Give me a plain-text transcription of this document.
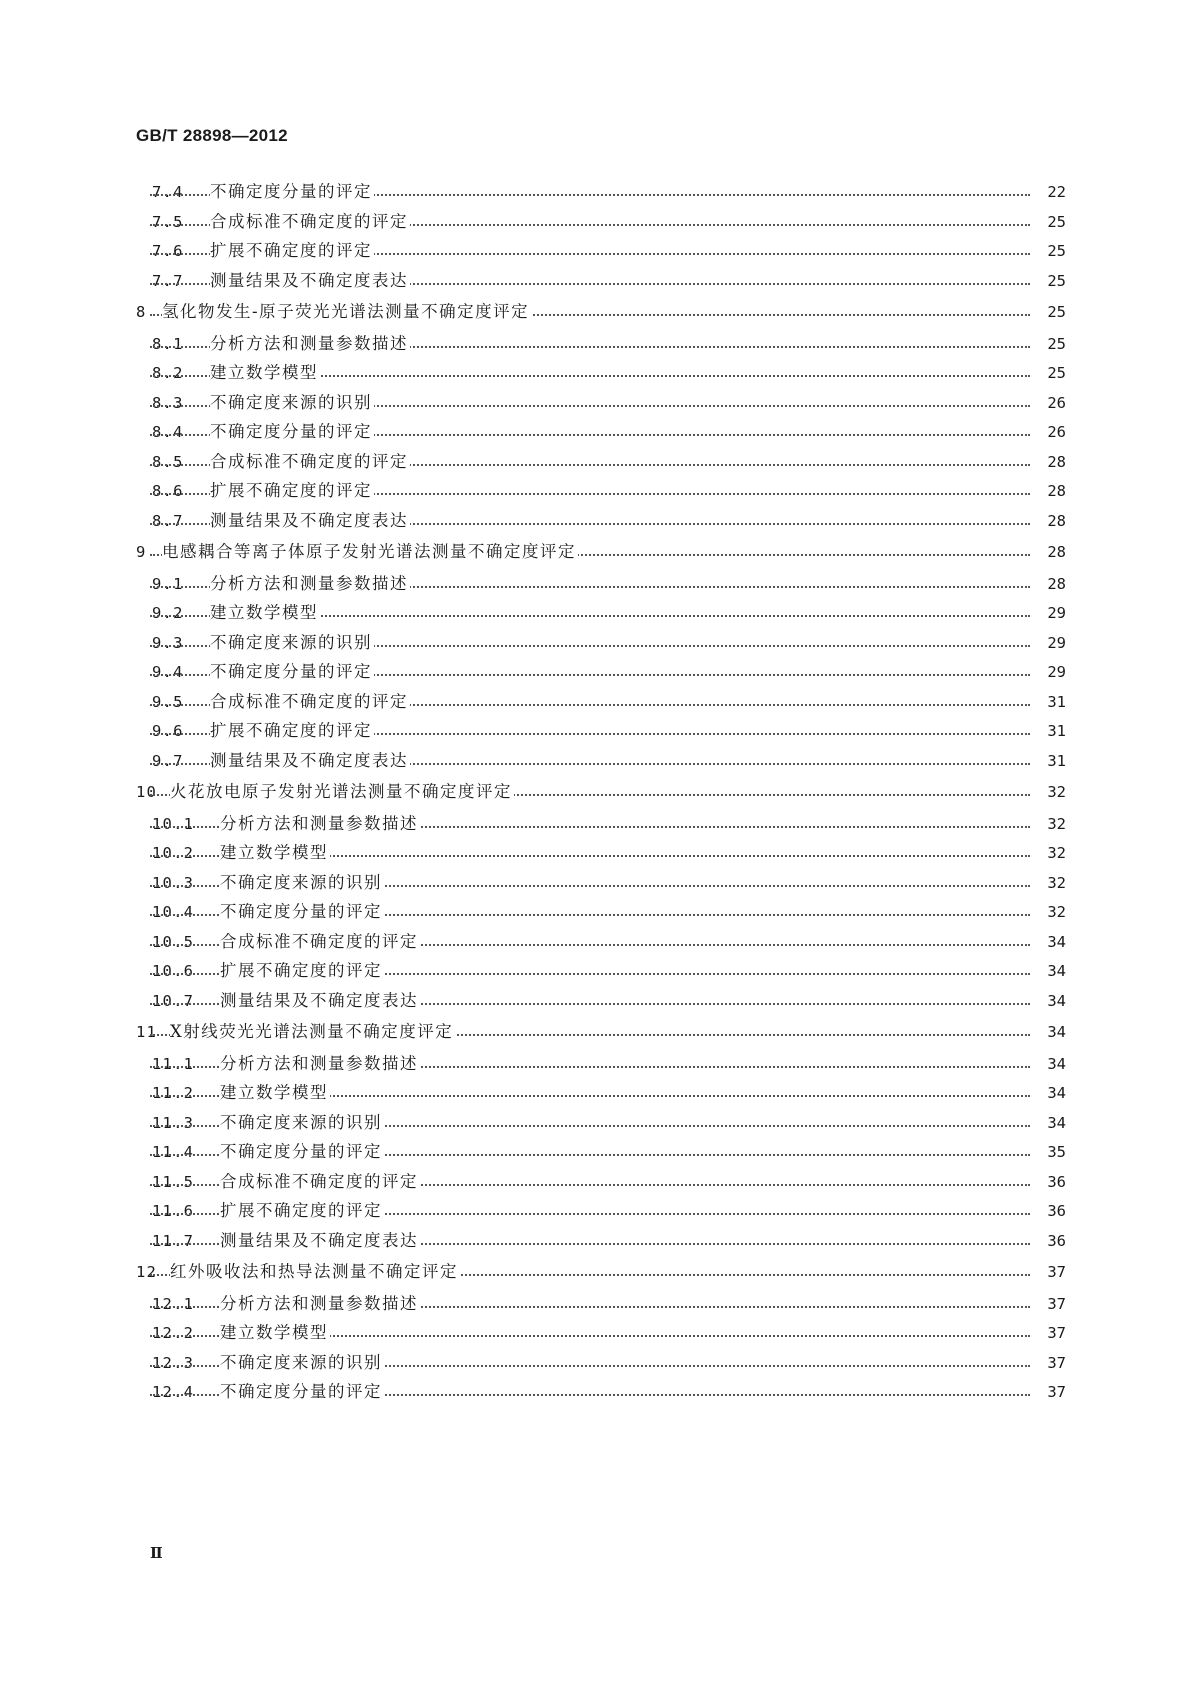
GB/T 28898—2012
7.4 不确定度分量的评定	22
7.5 合成标准不确定度的评定	25
7.6 扩展不确定度的评定	25
7.7 测量结果及不确定度表达	25
8 氢化物发生-原子荧光光谱法测量不确定度评定	25
8.1 分析方法和测量参数描述	25
8.2 建立数学模型	25
8.3 不确定度来源的识别	26
8.4 不确定度分量的评定	26
8.5 合成标准不确定度的评定	28
8.6 扩展不确定度的评定	28
8.7 测量结果及不确定度表达	28
9 电感耦合等离子体原子发射光谱法测量不确定度评定	28
9.1 分析方法和测量参数描述	28
9.2 建立数学模型	29
9.3 不确定度来源的识别	29
9.4 不确定度分量的评定	29
9.5 合成标准不确定度的评定	31
9.6 扩展不确定度的评定	31
9.7 测量结果及不确定度表达	31
10 火花放电原子发射光谱法测量不确定度评定	32
10.1 分析方法和测量参数描述	32
10.2 建立数学模型	32
10.3 不确定度来源的识别	32
10.4 不确定度分量的评定	32
10.5 合成标准不确定度的评定	34
10.6 扩展不确定度的评定	34
10.7 测量结果及不确定度表达	34
11 X射线荧光光谱法测量不确定度评定	34
11.1 分析方法和测量参数描述	34
11.2 建立数学模型	34
11.3 不确定度来源的识别	34
11.4 不确定度分量的评定	35
11.5 合成标准不确定度的评定	36
11.6 扩展不确定度的评定	36
11.7 测量结果及不确定度表达	36
12 红外吸收法和热导法测量不确定评定	37
12.1 分析方法和测量参数描述	37
12.2 建立数学模型	37
12.3 不确定度来源的识别	37
12.4 不确定度分量的评定	37
Ⅱ
